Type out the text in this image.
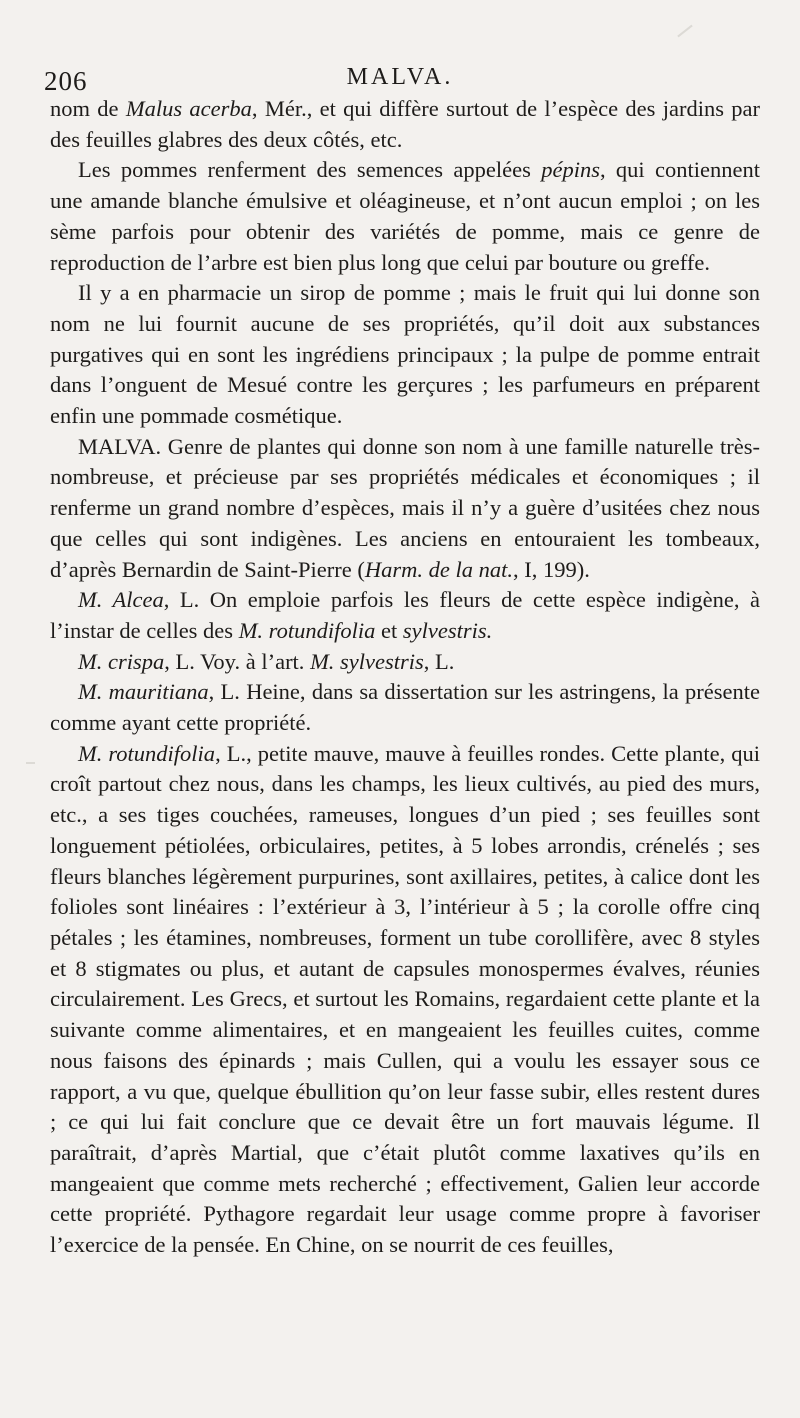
206	MALVA.

nom de Malus acerba, Mér., et qui diffère surtout de l’espèce des jardins par des feuilles glabres des deux côtés, etc.

Les pommes renferment des semences appelées pépins, qui contiennent une amande blanche émulsive et oléagineuse, et n’ont aucun emploi ; on les sème parfois pour obtenir des variétés de pomme, mais ce genre de reproduction de l’arbre est bien plus long que celui par bouture ou greffe.

Il y a en pharmacie un sirop de pomme ; mais le fruit qui lui donne son nom ne lui fournit aucune de ses propriétés, qu’il doit aux substances purgatives qui en sont les ingrédiens principaux ; la pulpe de pomme entrait dans l’onguent de Mesué contre les gerçures ; les parfumeurs en préparent enfin une pommade cosmétique.

MALVA. Genre de plantes qui donne son nom à une famille naturelle très-nombreuse, et précieuse par ses propriétés médicales et économiques ; il renferme un grand nombre d’espèces, mais il n’y a guère d’usitées chez nous que celles qui sont indigènes. Les anciens en entouraient les tombeaux, d’après Bernardin de Saint-Pierre (Harm. de la nat., I, 199).

M. Alcea, L. On emploie parfois les fleurs de cette espèce indigène, à l’instar de celles des M. rotundifolia et sylvestris.

M. crispa, L. Voy. à l’art. M. sylvestris, L.

M. mauritiana, L. Heine, dans sa dissertation sur les astringens, la présente comme ayant cette propriété.

M. rotundifolia, L., petite mauve, mauve à feuilles rondes. Cette plante, qui croît partout chez nous, dans les champs, les lieux cultivés, au pied des murs, etc., a ses tiges couchées, rameuses, longues d’un pied ; ses feuilles sont longuement pétiolées, orbiculaires, petites, à 5 lobes arrondis, crénelés ; ses fleurs blanches légèrement purpurines, sont axillaires, petites, à calice dont les folioles sont linéaires : l’extérieur à 3, l’intérieur à 5 ; la corolle offre cinq pétales ; les étamines, nombreuses, forment un tube corollifère, avec 8 styles et 8 stigmates ou plus, et autant de capsules monospermes évalves, réunies circulairement. Les Grecs, et surtout les Romains, regardaient cette plante et la suivante comme alimentaires, et en mangeaient les feuilles cuites, comme nous faisons des épinards ; mais Cullen, qui a voulu les essayer sous ce rapport, a vu que, quelque ébullition qu’on leur fasse subir, elles restent dures ; ce qui lui fait conclure que ce devait être un fort mauvais légume. Il paraîtrait, d’après Martial, que c’était plutôt comme laxatives qu’ils en mangeaient que comme mets recherché ; effectivement, Galien leur accorde cette propriété. Pythagore regardait leur usage comme propre à favoriser l’exercice de la pensée. En Chine, on se nourrit de ces feuilles,
